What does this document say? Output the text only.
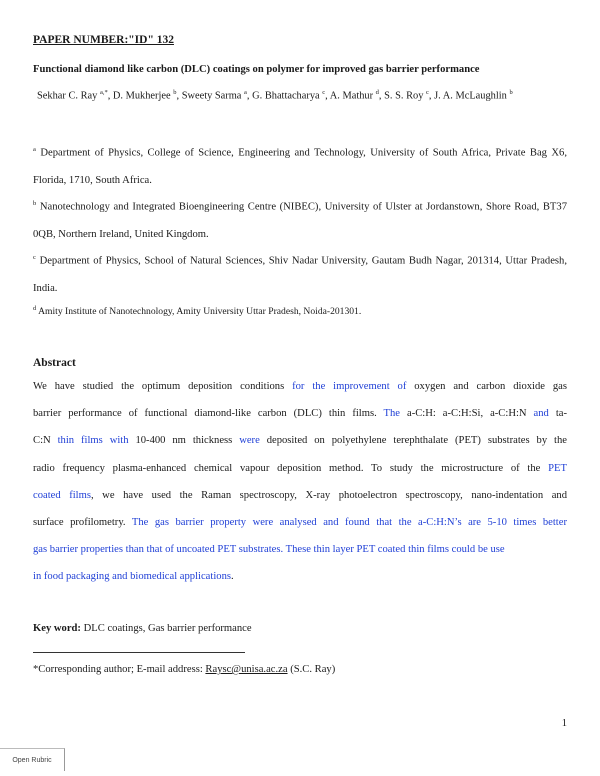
PAPER NUMBER:"ID" 132
Functional diamond like carbon (DLC) coatings on polymer for improved gas barrier performance
Sekhar C. Ray $^{a,*}$, D. Mukherjee $^b$, Sweety Sarma $^a$, G. Bhattacharya $^c$, A. Mathur $^d$, S. S. Roy $^c$, J. A. McLaughlin $^b$
$^a$ Department of Physics, College of Science, Engineering and Technology, University of South Africa, Private Bag X6, Florida, 1710, South Africa.
$^b$ Nanotechnology and Integrated Bioengineering Centre (NIBEC), University of Ulster at Jordanstown, Shore Road, BT37 0QB, Northern Ireland, United Kingdom.
$^c$ Department of Physics, School of Natural Sciences, Shiv Nadar University, Gautam Budh Nagar, 201314, Uttar Pradesh, India.
$^d$ Amity Institute of Nanotechnology, Amity University Uttar Pradesh, Noida-201301.
Abstract
We have studied the optimum deposition conditions for the improvement of oxygen and carbon dioxide gas
barrier performance of functional diamond-like carbon (DLC) thin films. The a-C:H: a-C:H:Si, a-C:H:N and ta-
C:N thin films with 10-400 nm thickness were deposited on polyethylene terephthalate (PET) substrates by the
radio frequency plasma-enhanced chemical vapour deposition method. To study the microstructure of the PET
coated films, we have used the Raman spectroscopy, X-ray photoelectron spectroscopy, nano-indentation and
surface profilometry. The gas barrier property were analysed and found that the a-C:H:N’s are 5-10 times better
gas barrier properties than that of uncoated PET substrates. These thin layer PET coated thin films could be use
in food packaging and biomedical applications.
Key word: DLC coatings, Gas barrier performance
*Corresponding author; E-mail address: Raysc@unisa.ac.za (S.C. Ray)
1
Open Rubric
